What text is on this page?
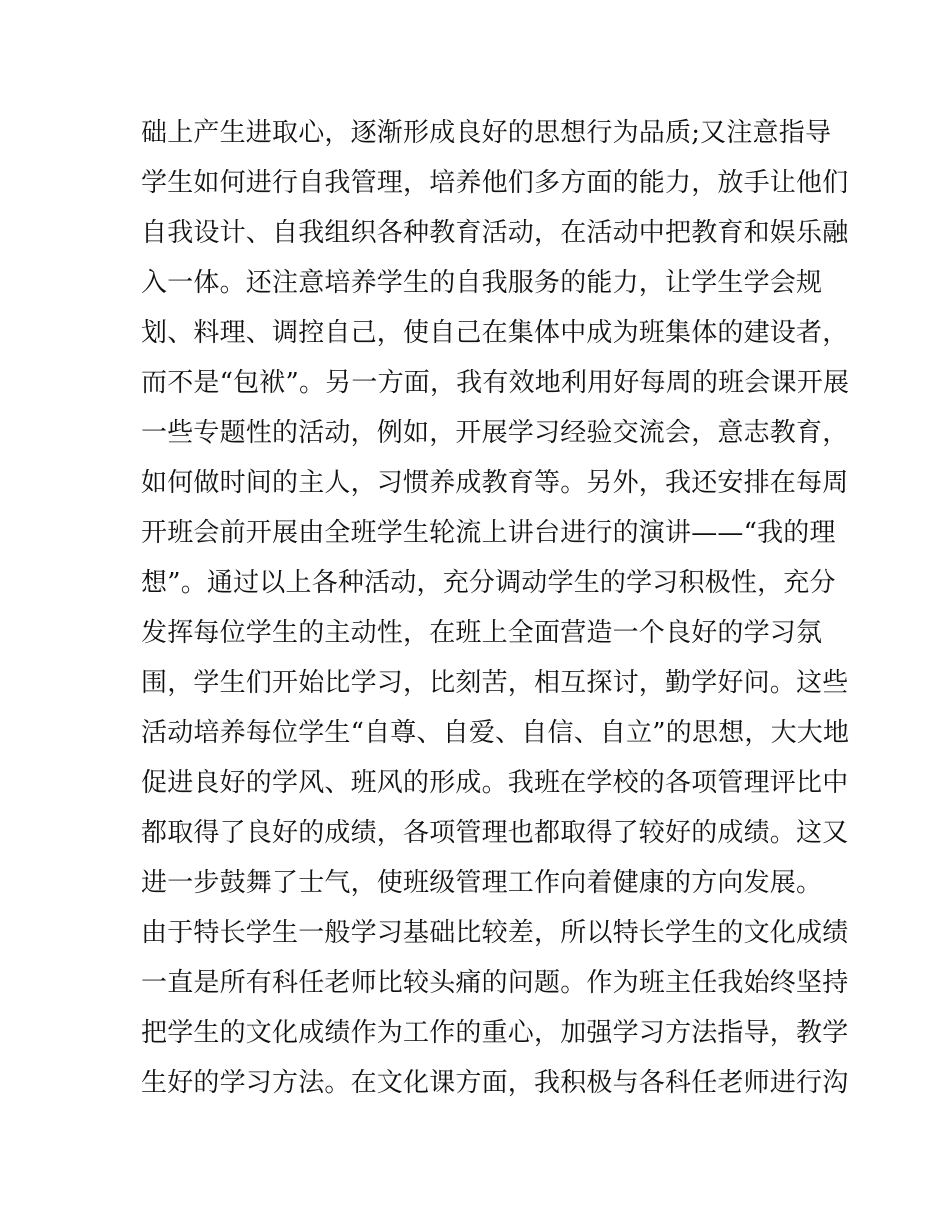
础上产生进取心，逐渐形成良好的思想行为品质;又注意指导
学生如何进行自我管理，培养他们多方面的能力，放手让他们
自我设计、自我组织各种教育活动，在活动中把教育和娱乐融
入一体。还注意培养学生的自我服务的能力，让学生学会规
划、料理、调控自己，使自己在集体中成为班集体的建设者，
而不是“包袱”。另一方面，我有效地利用好每周的班会课开展
一些专题性的活动，例如，开展学习经验交流会，意志教育，
如何做时间的主人，习惯养成教育等。另外，我还安排在每周
开班会前开展由全班学生轮流上讲台进行的演讲——“我的理
想”。通过以上各种活动，充分调动学生的学习积极性，充分
发挥每位学生的主动性，在班上全面营造一个良好的学习氛
围，学生们开始比学习，比刻苦，相互探讨，勤学好问。这些
活动培养每位学生“自尊、自爱、自信、自立”的思想，大大地
促进良好的学风、班风的形成。我班在学校的各项管理评比中
都取得了良好的成绩，各项管理也都取得了较好的成绩。这又
进一步鼓舞了士气，使班级管理工作向着健康的方向发展。
由于特长学生一般学习基础比较差，所以特长学生的文化成绩
一直是所有科任老师比较头痛的问题。作为班主任我始终坚持
把学生的文化成绩作为工作的重心，加强学习方法指导，教学
生好的学习方法。在文化课方面，我积极与各科任老师进行沟
